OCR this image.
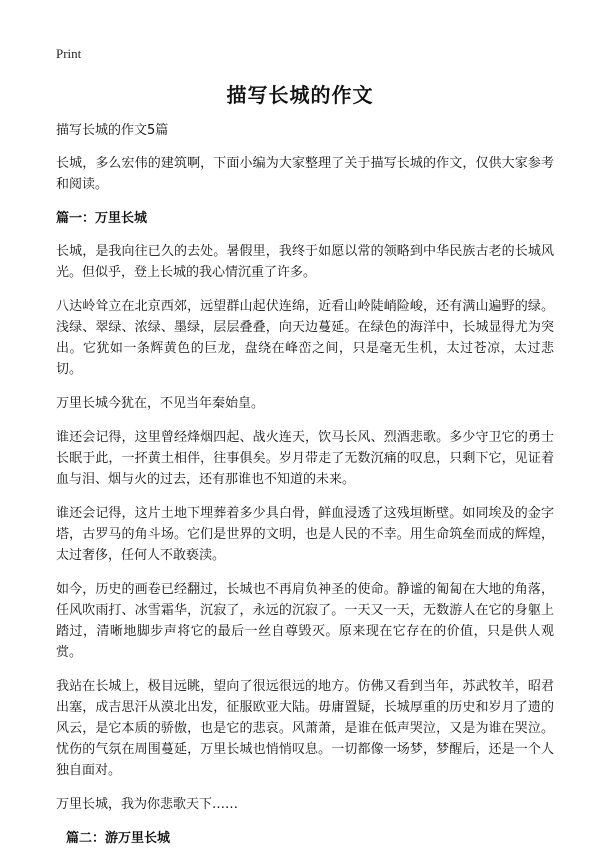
Print
描写长城的作文

描写长城的作文5篇

长城，多么宏伟的建筑啊，下面小编为大家整理了关于描写长城的作文，仅供大家参考和阅读。

篇一：万里长城

长城，是我向往已久的去处。暑假里，我终于如愿以常的领略到中华民族古老的长城风光。但似乎，登上长城的我心情沉重了许多。

八达岭耸立在北京西郊，远望群山起伏连绵，近看山岭陡峭险峻，还有满山遍野的绿。浅绿、翠绿、浓绿、墨绿，层层叠叠，向天边蔓延。在绿色的海洋中，长城显得尤为突出。它犹如一条辉黄色的巨龙，盘绕在峰峦之间，只是毫无生机，太过苍凉，太过悲切。

万里长城今犹在，不见当年秦始皇。

谁还会记得，这里曾经烽烟四起、战火连天，饮马长风、烈酒悲歌。多少守卫它的勇士长眠于此，一抔黄土相伴，往事俱矣。岁月带走了无数沉痛的叹息，只剩下它，见证着血与泪、烟与火的过去，还有那谁也不知道的未来。

谁还会记得，这片土地下埋葬着多少具白骨，鲜血浸透了这残垣断壁。如同埃及的金字塔，古罗马的角斗场。它们是世界的文明，也是人民的不幸。用生命筑垒而成的辉煌，太过奢侈，任何人不敢亵渎。

如今，历史的画卷已经翻过，长城也不再肩负神圣的使命。静谧的匍匐在大地的角落，任风吹雨打、冰雪霜华，沉寂了，永远的沉寂了。一天又一天，无数游人在它的身躯上踏过，清晰地脚步声将它的最后一丝自尊毁灭。原来现在它存在的价值，只是供人观赏。

我站在长城上，极目远眺，望向了很远很远的地方。仿佛又看到当年，苏武牧羊，昭君出塞，成吉思汗从漠北出发，征服欧亚大陆。毋庸置疑，长城厚重的历史和岁月了遗的风云，是它本质的骄傲，也是它的悲哀。风萧萧，是谁在低声哭泣，又是为谁在哭泣。忧伤的气氛在周围蔓延，万里长城也悄悄叹息。一切都像一场梦，梦醒后，还是一个人独自面对。

万里长城，我为你悲歌天下……

篇二：游万里长城
